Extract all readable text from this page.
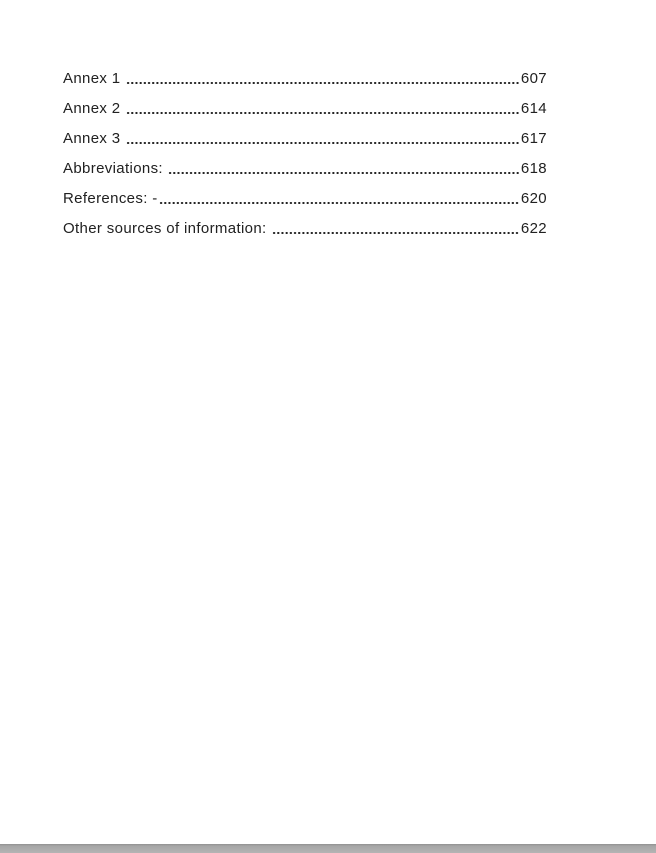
Annex 1	607
Annex 2	614
Annex 3	617
Abbreviations:	618
References: -	620
Other sources of information:	622
